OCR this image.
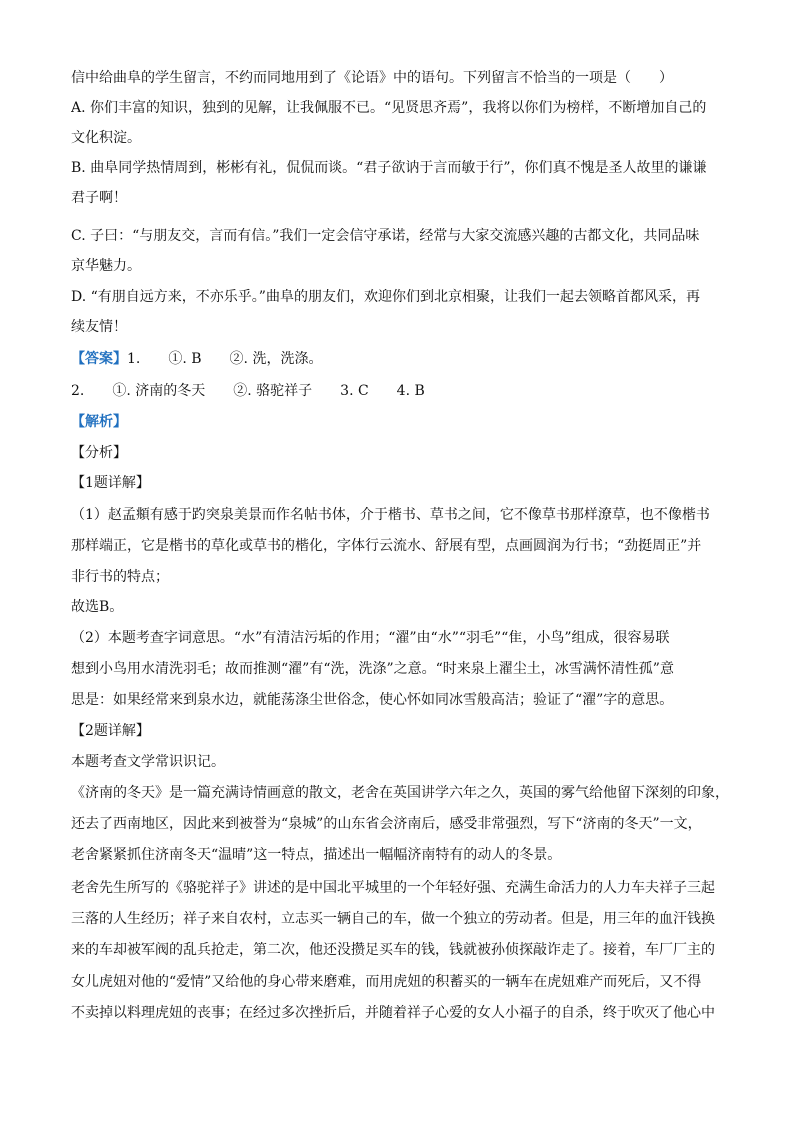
信中给曲阜的学生留言，不约而同地用到了《论语》中的语句。下列留言不恰当的一项是（　　）
A. 你们丰富的知识，独到的见解，让我佩服不已。“见贤思齐焉”，我将以你们为榜样，不断增加自己的
文化积淀。
B. 曲阜同学热情周到，彬彬有礼，侃侃而谈。“君子欲讷于言而敏于行”，你们真不愧是圣人故里的谦谦
君子啊！
C. 子曰：“与朋友交，言而有信。”我们一定会信守承诺，经常与大家交流感兴趣的古都文化，共同品味
京华魅力。
D. “有朋自远方来，不亦乐乎。”曲阜的朋友们，欢迎你们到北京相聚，让我们一起去领略首都风采，再
续友情！
【答案】1.　　①. B　　②. 洗，洗涤。
2.　　①. 济南的冬天　　②. 骆驼祥子　　3. C　　4. B
【解析】
【分析】
【1题详解】
（1）赵孟頫有感于趵突泉美景而作名帖书体，介于楷书、草书之间，它不像草书那样潦草，也不像楷书
那样端正，它是楷书的草化或草书的楷化，字体行云流水、舒展有型，点画圆润为行书；“劲挺周正”并
非行书的特点；
故选B。
（2）本题考查字词意思。“水”有清洁污垢的作用；“濯”由“水”“羽毛”“隹，小鸟”组成，很容易联
想到小鸟用水清洗羽毛；故而推测“濯”有“洗，洗涤”之意。“时来泉上濯尘土，冰雪满怀清性孤”意
思是：如果经常来到泉水边，就能荡涤尘世俗念，使心怀如同冰雪般高洁；验证了“濯”字的意思。
【2题详解】
本题考查文学常识识记。
《济南的冬天》是一篇充满诗情画意的散文，老舍在英国讲学六年之久，英国的雾气给他留下深刻的印象，
还去了西南地区，因此来到被誉为“泉城”的山东省会济南后，感受非常强烈，写下“济南的冬天”一文，
老舍紧紧抓住济南冬天“温晴”这一特点，描述出一幅幅济南特有的动人的冬景。
老舍先生所写的《骆驼祥子》讲述的是中国北平城里的一个年轻好强、充满生命活力的人力车夫祥子三起
三落的人生经历；祥子来自农村，立志买一辆自己的车，做一个独立的劳动者。但是，用三年的血汗钱换
来的车却被军阀的乱兵抢走，第二次，他还没攒足买车的钱，钱就被孙侦探敲诈走了。接着，车厂厂主的
女儿虎妞对他的“爱情”又给他的身心带来磨难，而用虎妞的积蓄买的一辆车在虎妞难产而死后，又不得
不卖掉以料理虎妞的丧事；在经过多次挫折后，并随着祥子心爱的女人小福子的自杀，终于吹灭了他心中
